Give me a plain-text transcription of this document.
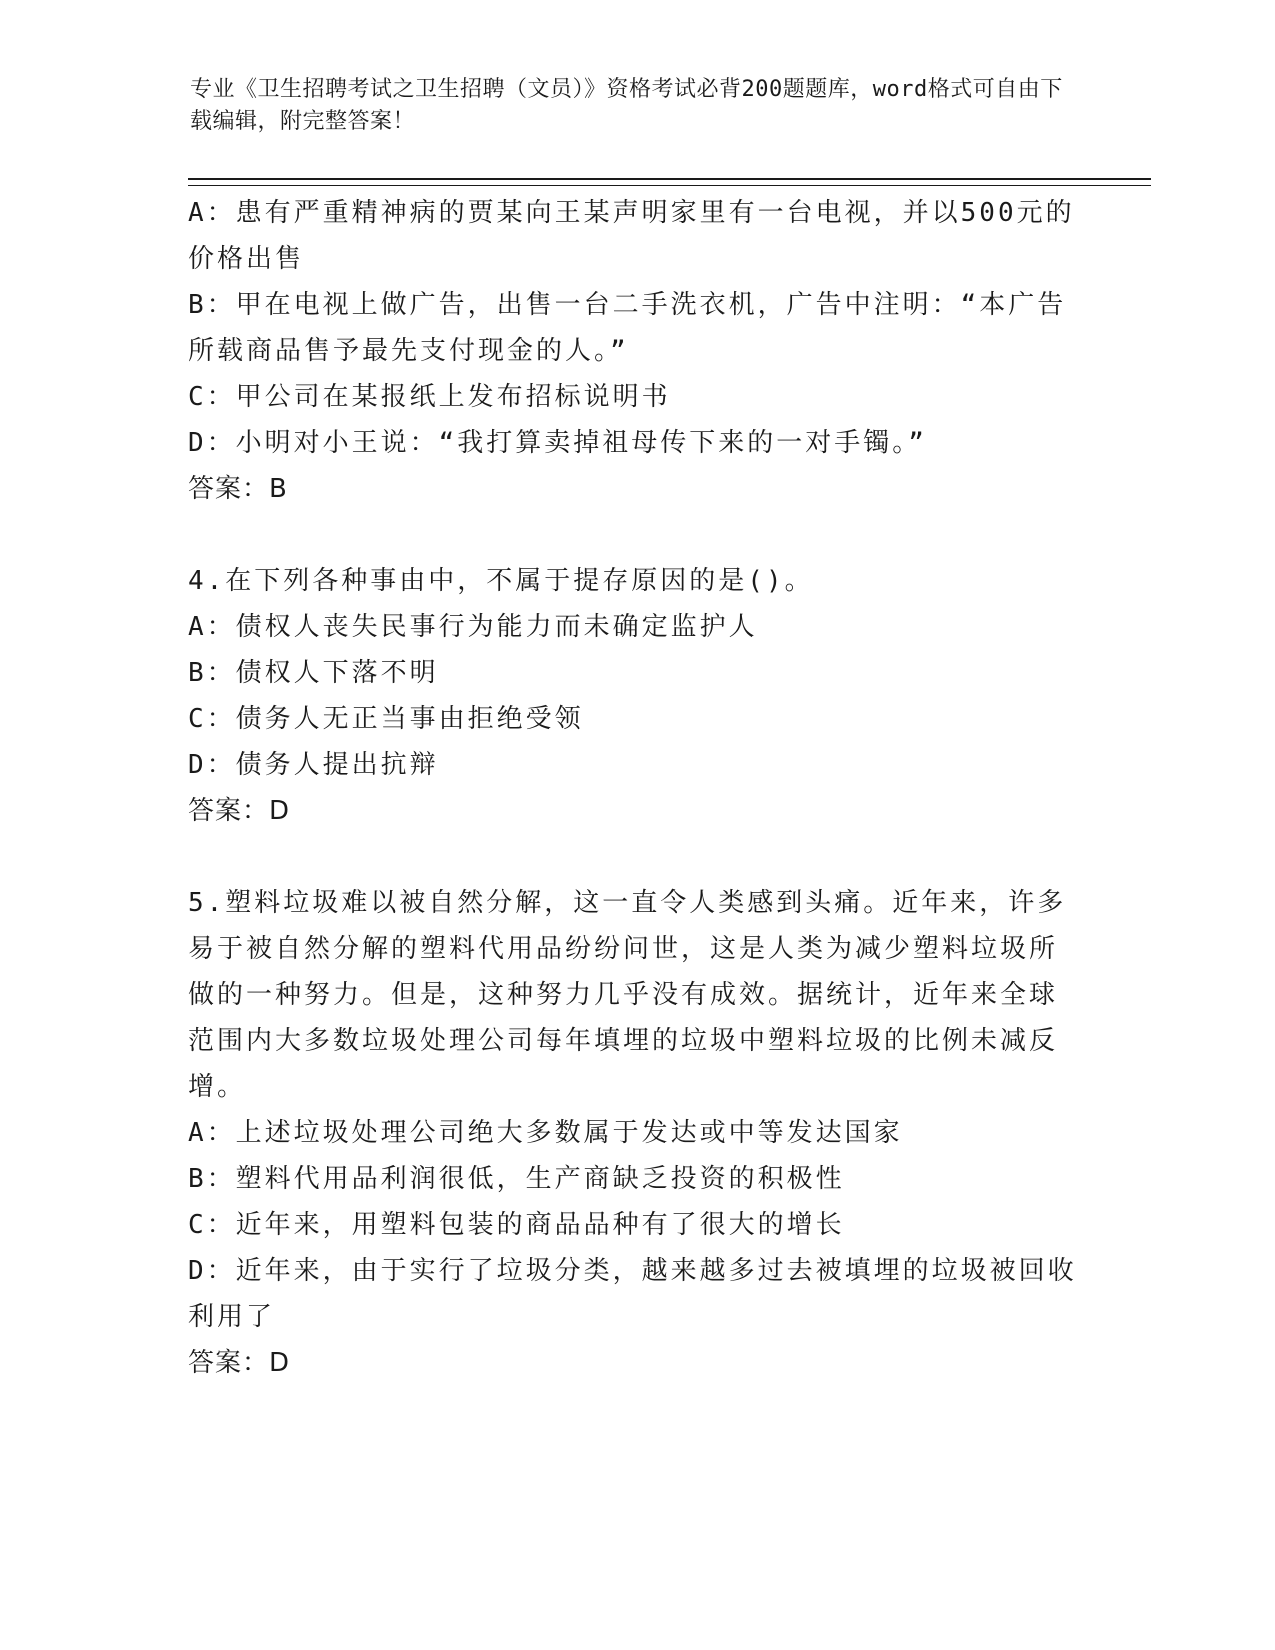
专业《卫生招聘考试之卫生招聘（文员）》资格考试必背200题题库，word格式可自由下载编辑，附完整答案！

A：患有严重精神病的贾某向王某声明家里有一台电视，并以500元的价格出售

B：甲在电视上做广告，出售一台二手洗衣机，广告中注明：“本广告所载商品售予最先支付现金的人。”

C：甲公司在某报纸上发布招标说明书

D：小明对小王说：“我打算卖掉祖母传下来的一对手镯。”

答案：B

4.在下列各种事由中，不属于提存原因的是()。

A：债权人丧失民事行为能力而未确定监护人

B：债权人下落不明

C：债务人无正当事由拒绝受领

D：债务人提出抗辩

答案：D

5.塑料垃圾难以被自然分解，这一直令人类感到头痛。近年来，许多易于被自然分解的塑料代用品纷纷问世，这是人类为减少塑料垃圾所做的一种努力。但是，这种努力几乎没有成效。据统计，近年来全球范围内大多数垃圾处理公司每年填埋的垃圾中塑料垃圾的比例未减反增。

A：上述垃圾处理公司绝大多数属于发达或中等发达国家

B：塑料代用品利润很低，生产商缺乏投资的积极性

C：近年来，用塑料包装的商品品种有了很大的增长

D：近年来，由于实行了垃圾分类，越来越多过去被填埋的垃圾被回收利用了

答案：D
